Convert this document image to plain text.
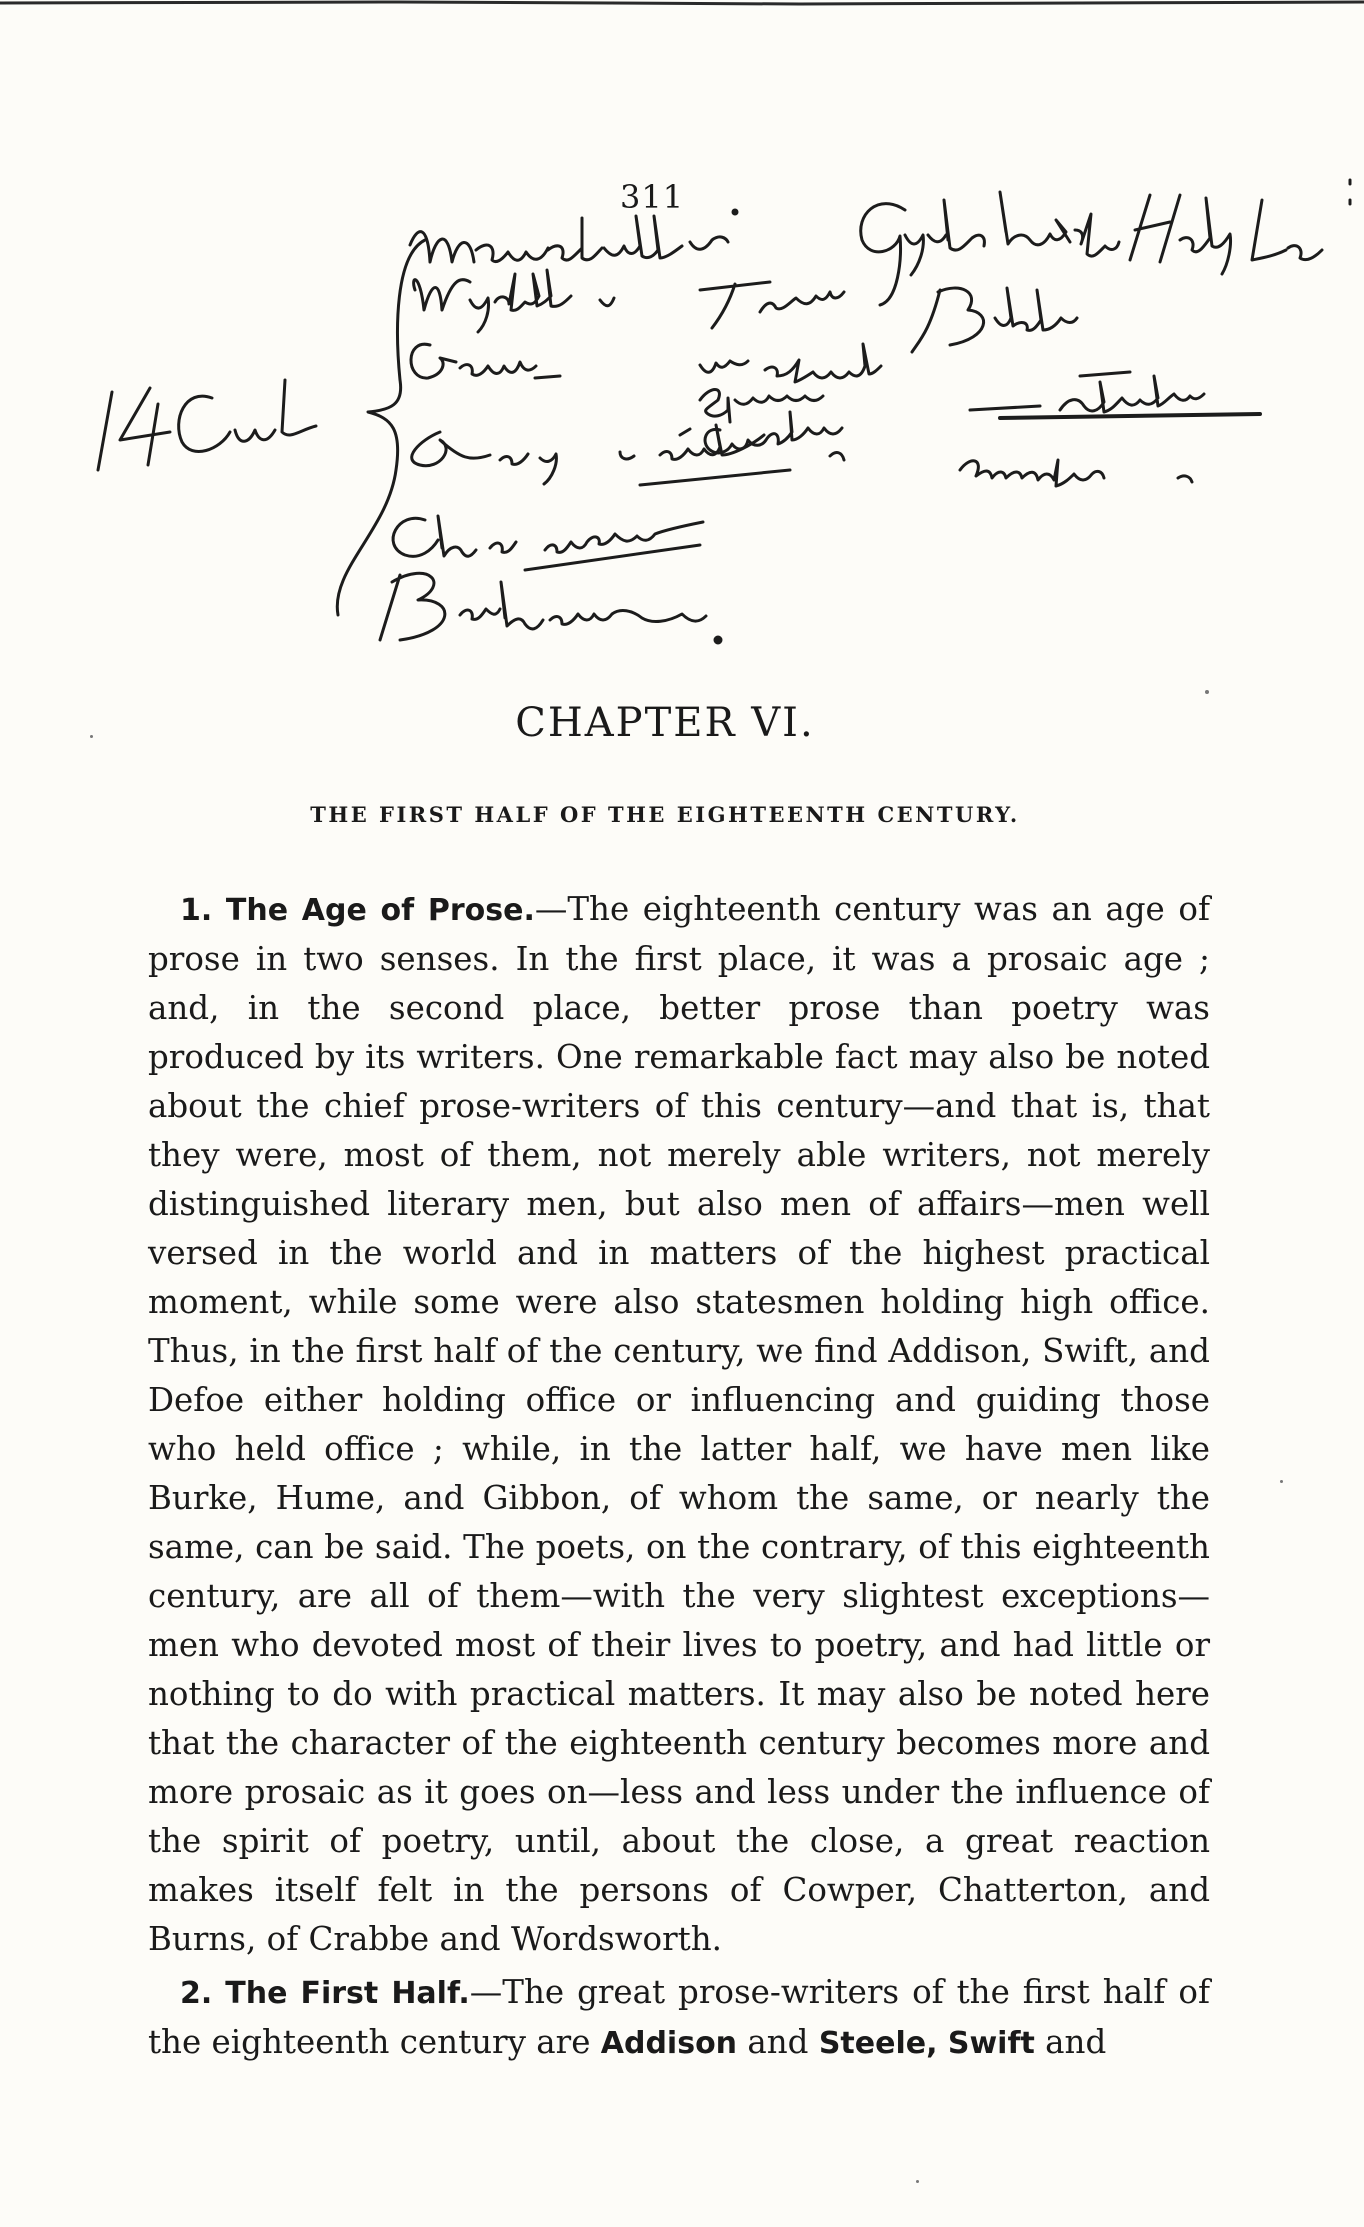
311
CHAPTER VI.
THE FIRST HALF OF THE EIGHTEENTH CENTURY.

1. The Age of Prose.—The eighteenth century was an age of prose in two senses. In the first place, it was a prosaic age ; and, in the second place, better prose than poetry was produced by its writers. One remarkable fact may also be noted about the chief prose-writers of this century—and that is, that they were, most of them, not merely able writers, not merely distinguished literary men, but also men of affairs—men well versed in the world and in matters of the highest practical moment, while some were also statesmen holding high office. Thus, in the first half of the century, we find Addison, Swift, and Defoe either holding office or influencing and guiding those who held office ; while, in the latter half, we have men like Burke, Hume, and Gibbon, of whom the same, or nearly the same, can be said. The poets, on the contrary, of this eighteenth century, are all of them—with the very slightest exceptions—men who devoted most of their lives to poetry, and had little or nothing to do with practical matters. It may also be noted here that the character of the eighteenth century becomes more and more prosaic as it goes on—less and less under the influence of the spirit of poetry, until, about the close, a great reaction makes itself felt in the persons of Cowper, Chatterton, and Burns, of Crabbe and Wordsworth.

2. The First Half.—The great prose-writers of the first half of the eighteenth century are Addison and Steele, Swift and
